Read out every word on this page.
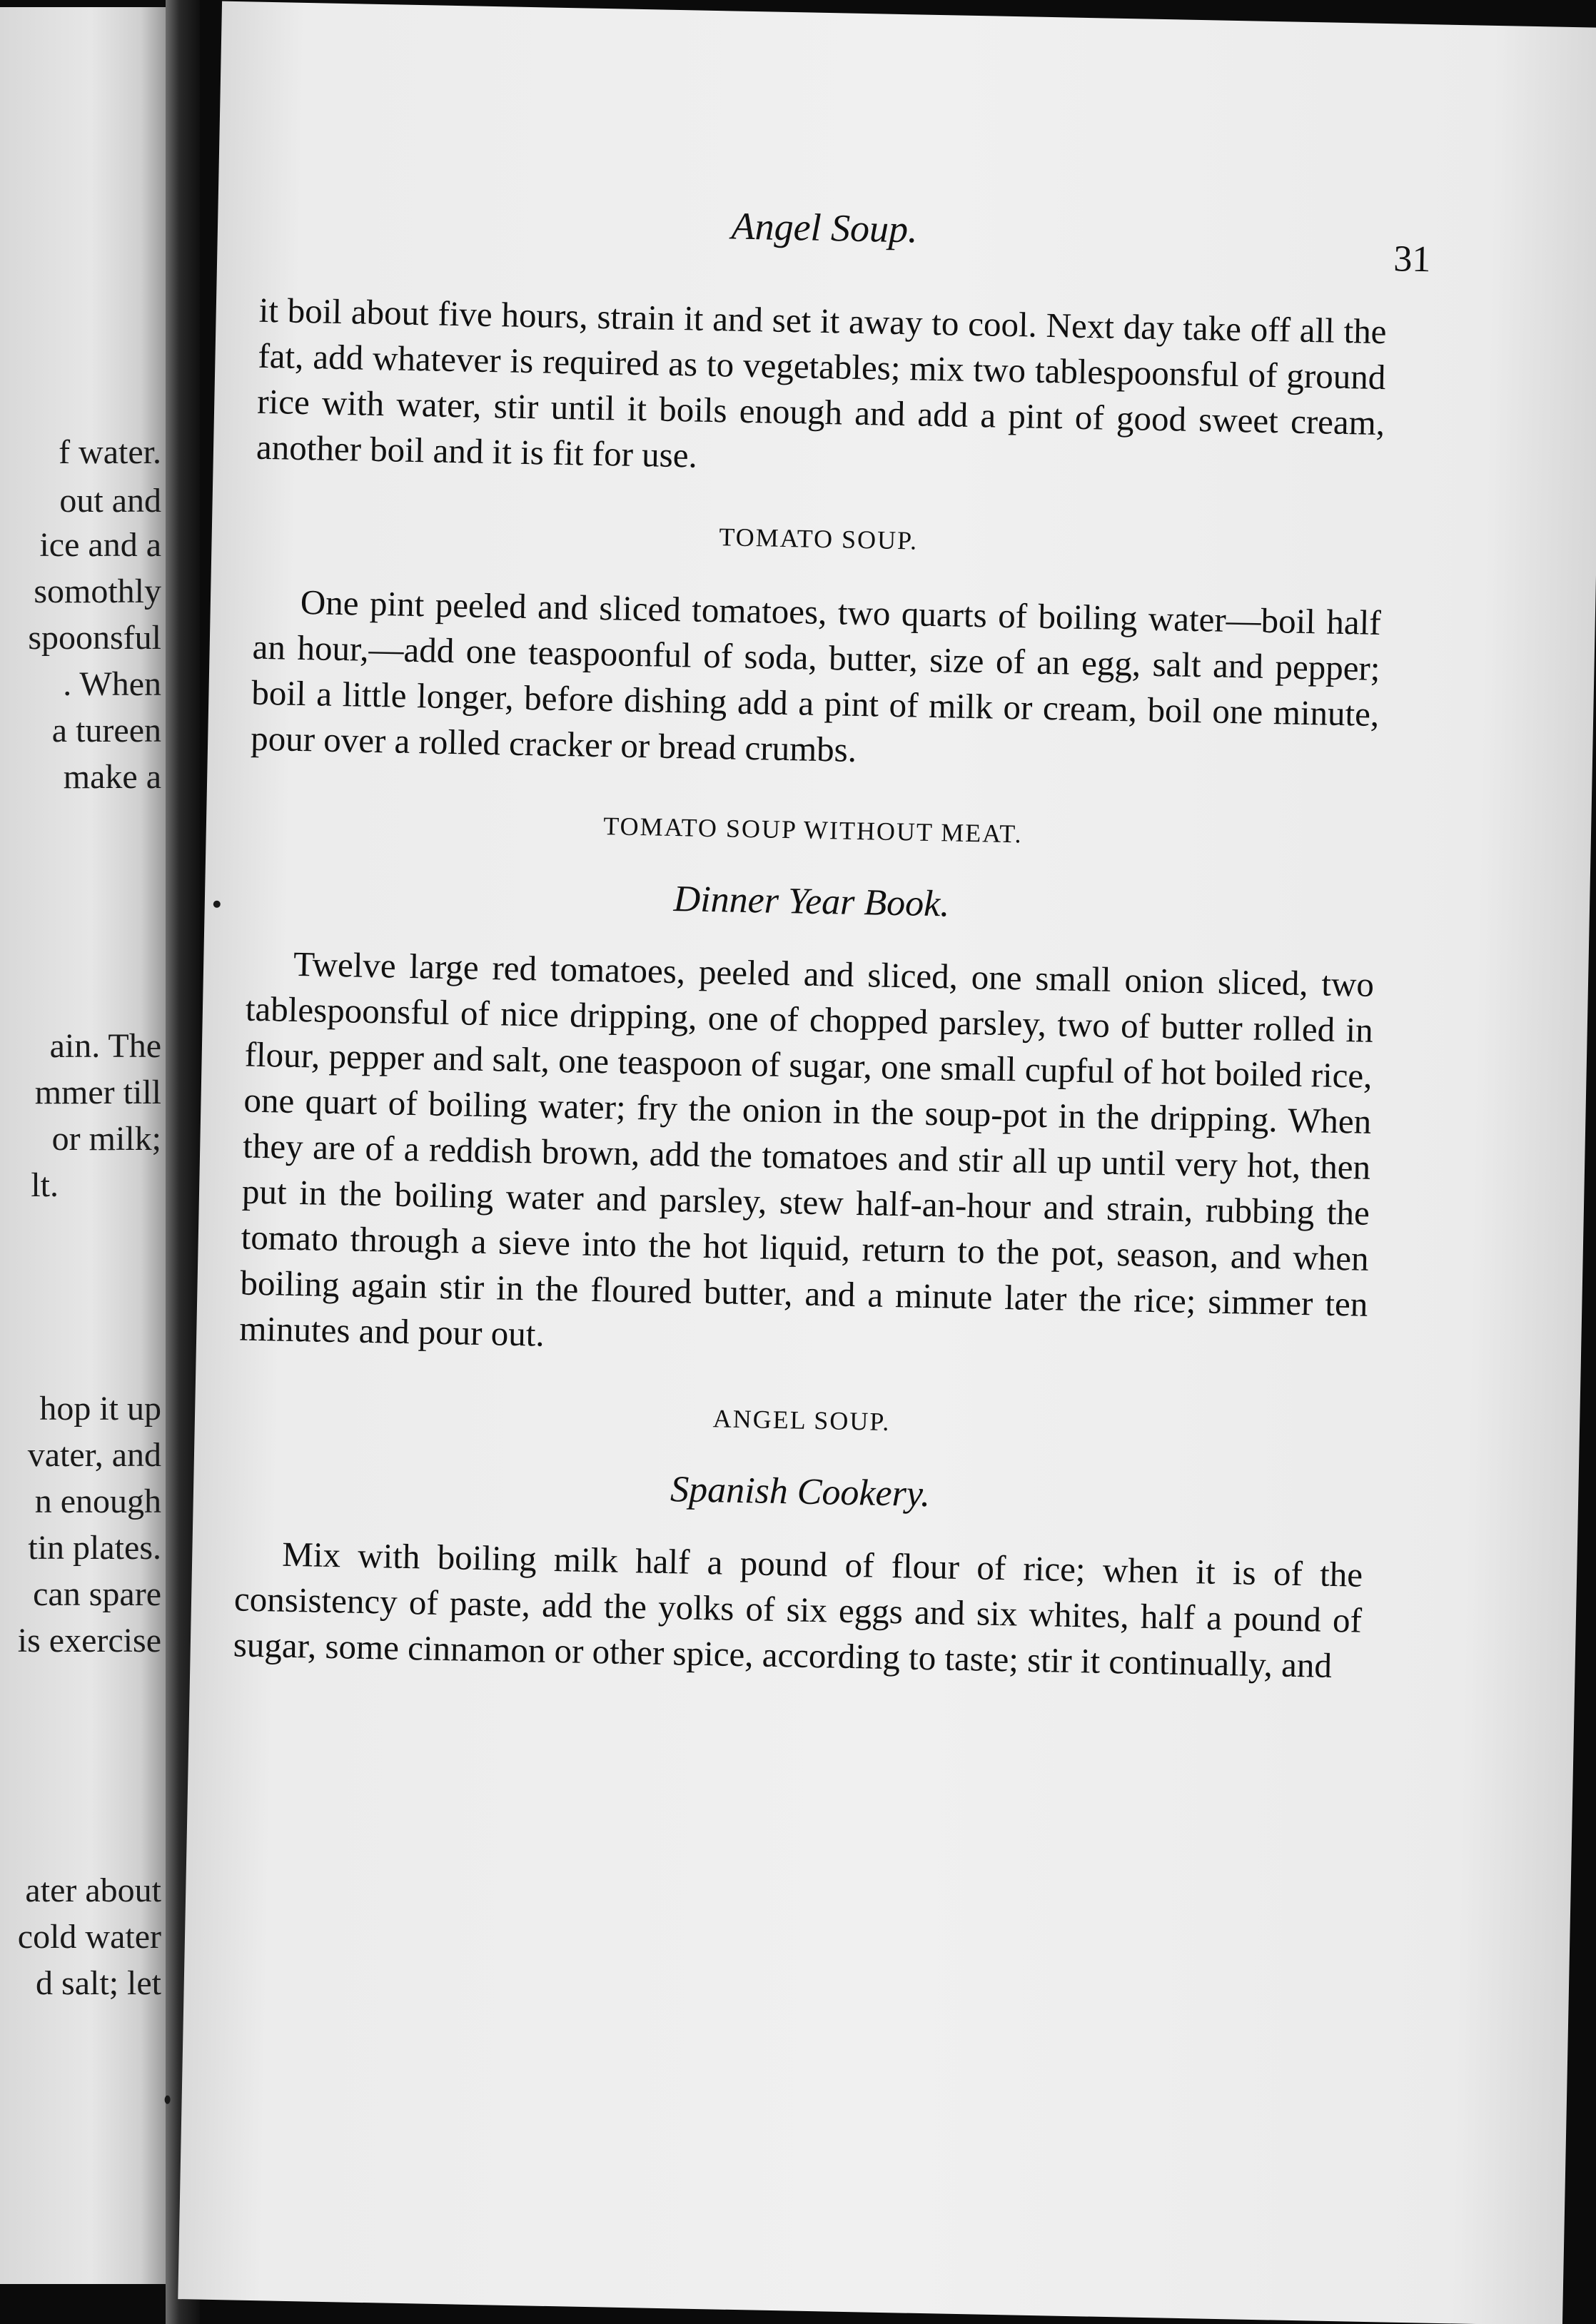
f water.
out and
ice and a
somothly
spoonsful
. When
a tureen
make a
ain. The
mmer till
or milk;
lt.
hop it up
vater, and
n enough
tin plates.
can spare
is exercise
ater about
cold water
d salt; let
Angel Soup.
31

it boil about five hours, strain it and set it away to cool. Next day take off all the fat, add whatever is required as to vegetables; mix two tablespoonsful of ground rice with water, stir until it boils enough and add a pint of good sweet cream, another boil and it is fit for use.

TOMATO SOUP.

One pint peeled and sliced tomatoes, two quarts of boiling water—boil half an hour,—add one teaspoonful of soda, butter, size of an egg, salt and pepper; boil a little longer, before dishing add a pint of milk or cream, boil one minute, pour over a rolled cracker or bread crumbs.

TOMATO SOUP WITHOUT MEAT.
Dinner Year Book.

Twelve large red tomatoes, peeled and sliced, one small onion sliced, two tablespoonsful of nice dripping, one of chopped parsley, two of butter rolled in flour, pepper and salt, one teaspoon of sugar, one small cupful of hot boiled rice, one quart of boiling water; fry the onion in the soup-pot in the dripping. When they are of a reddish brown, add the tomatoes and stir all up until very hot, then put in the boiling water and parsley, stew half-an-hour and strain, rubbing the tomato through a sieve into the hot liquid, return to the pot, season, and when boiling again stir in the floured butter, and a minute later the rice; simmer ten minutes and pour out.

ANGEL SOUP.
Spanish Cookery.

Mix with boiling milk half a pound of flour of rice; when it is of the consistency of paste, add the yolks of six eggs and six whites, half a pound of sugar, some cinnamon or other spice, according to taste; stir it continually, and
